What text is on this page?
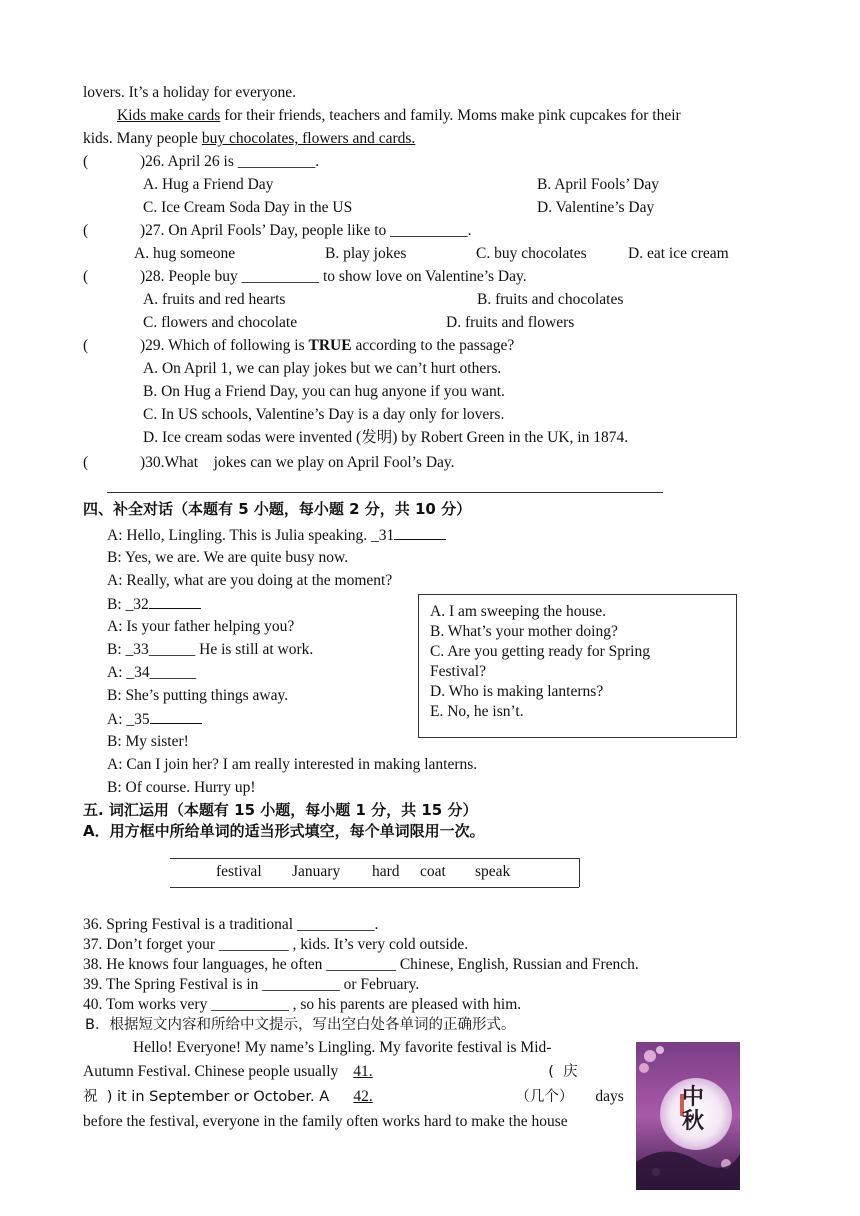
lovers. It’s a holiday for everyone.
Kids make cards for their friends, teachers and family. Moms make pink cupcakes for their
kids. Many people buy chocolates, flowers and cards.
(	)26. April 26 is __________.
A. Hug a Friend Day	B. April Fools’ Day
C. Ice Cream Soda Day in the US	D. Valentine’s Day
(	)27. On April Fools’ Day, people like to __________.
A. hug someone	B. play jokes	C. buy chocolates	D. eat ice cream
(	)28. People buy __________ to show love on Valentine’s Day.
A. fruits and red hearts	B. fruits and chocolates
C. flowers and chocolate	D. fruits and flowers
(	)29. Which of following is TRUE according to the passage?
A. On April 1, we can play jokes but we can’t hurt others.
B. On Hug a Friend Day, you can hug anyone if you want.
C. In US schools, Valentine’s Day is a day only for lovers.
D. Ice cream sodas were invented (发明) by Robert Green in the UK, in 1874.
(	)30.What    jokes can we play on April Fool’s Day.
四、补全对话（本题有 5 小题，每小题 2 分，共 10 分）
A: Hello, Lingling. This is Julia speaking. _31
B: Yes, we are. We are quite busy now.
A: Really, what are you doing at the moment?
B: _32
A: Is your father helping you?
B: _33______ He is still at work.
A: _34______
B: She’s putting things away.
A: _35
B: My sister!
A: Can I join her? I am really interested in making lanterns.
B: Of course. Hurry up!
A. I am sweeping the house.
B. What’s your mother doing?
C. Are you getting ready for Spring
Festival?
D. Who is making lanterns?
E. No, he isn’t.
五. 词汇运用（本题有 15 小题，每小题 1 分，共 15 分）
A．用方框中所给单词的适当形式填空，每个单词限用一次。
festival January hard coat speak
36. Spring Festival is a traditional __________.
37. Don’t forget your _________ , kids. It’s very cold outside.
38. He knows four languages, he often _________ Chinese, English, Russian and French.
39. The Spring Festival is in __________ or February.
40. Tom works very __________ , so his parents are pleased with him.
B．根据短文内容和所给中文提示，写出空白处各单词的正确形式。
Hello! Everyone! My name’s Lingling. My favorite festival is Mid-
Autumn Festival. Chinese people usually 41.	(  庆
祝  ) it in September or October. A  42.	（几个） days
before the festival, everyone in the family often works hard to make the house
中秋
